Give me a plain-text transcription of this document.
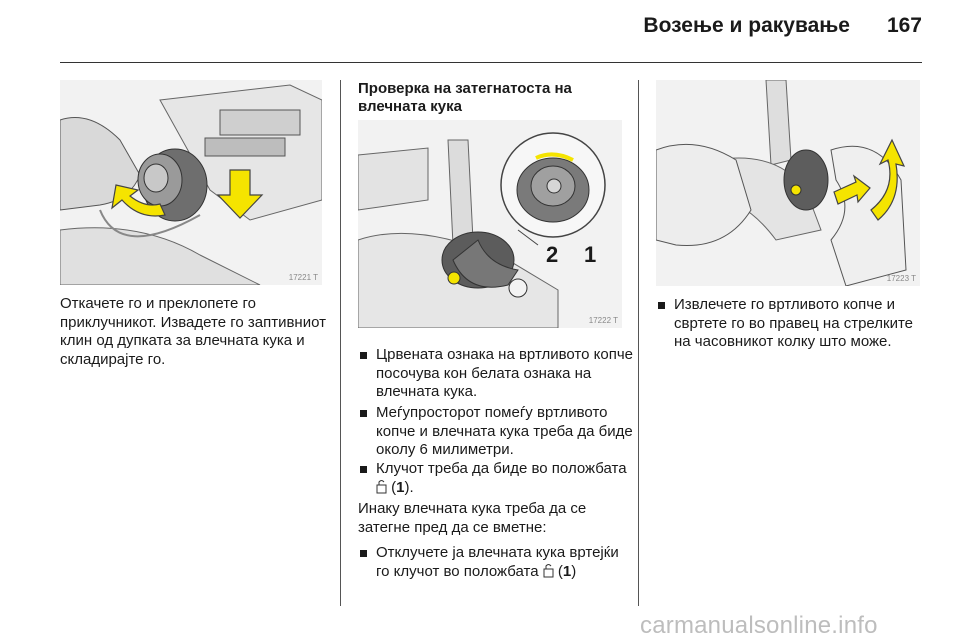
Возење и ракување	167
17221 T

Откачете го и преклопете го приклучникот. Извадете го заптивниот клин од дупката за влечната кука и складирајте го.

Проверка на затегнатоста на влечната кука
2 1
17222 T
Црвената ознака на вртливото копче посочува кон белата ознака на влечната кука.
Меѓупросторот помеѓу вртливото копче и влечната кука треба да биде околу 6 милиметри.
Клучот треба да биде во положбата  (1).

Инаку влечната кука треба да се затегне пред да се вметне:

Отклучете ја влечната кука вртејќи го клучот во положбата  (1)
17223 T
Извлечете го вртливото копче и свртете го во правец на стрелките на часовникот колку што може.
carmanualsonline.info
